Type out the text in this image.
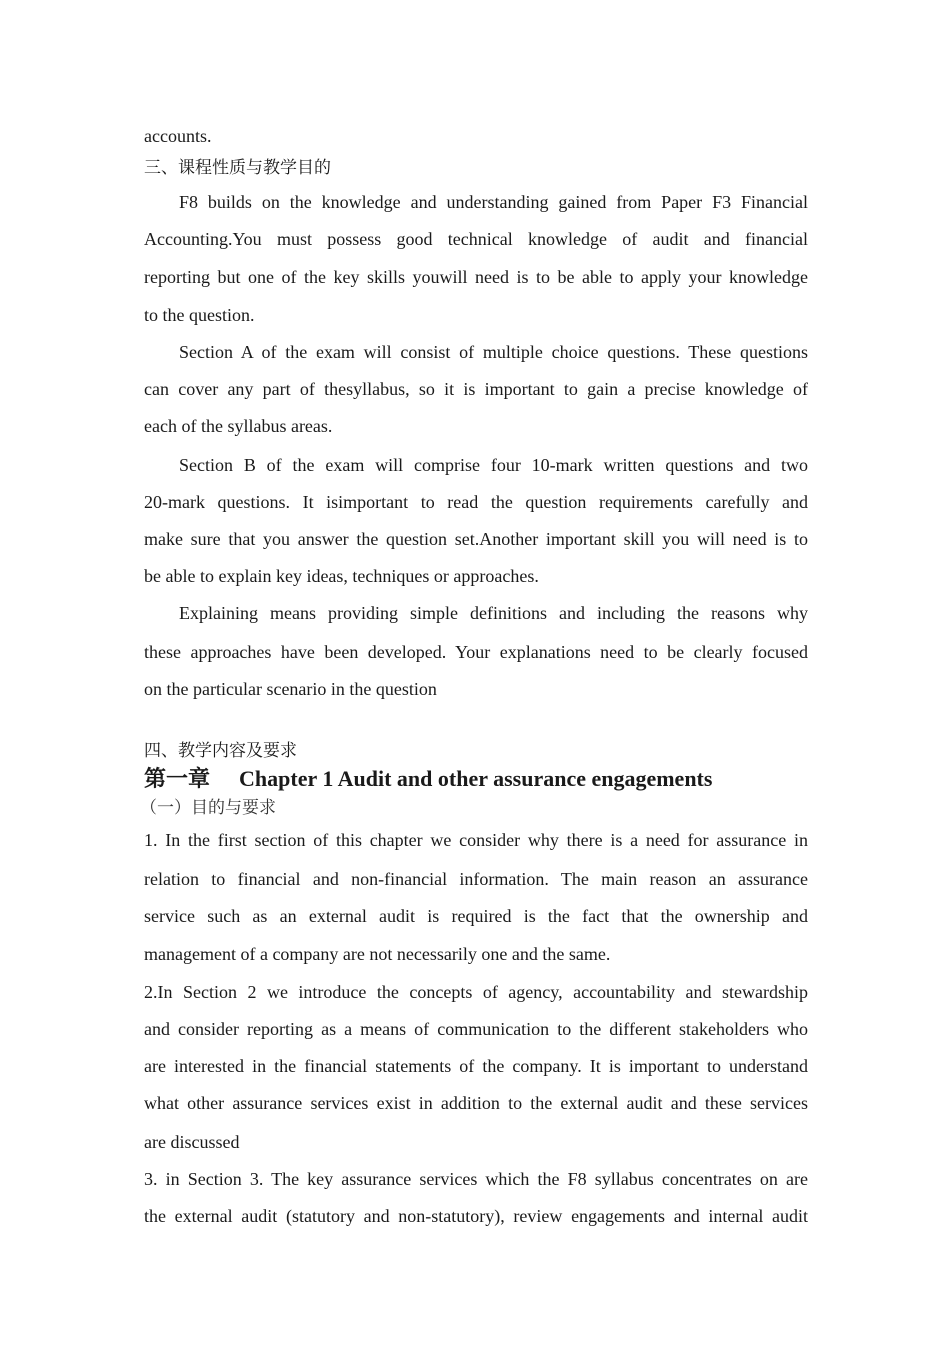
accounts.
三、课程性质与教学目的
F8 builds on the knowledge and understanding gained from Paper F3 Financial
Accounting.You must possess good technical knowledge of audit and financial
reporting but one of the key skills youwill need is to be able to apply your knowledge
to the question.
Section A of the exam will consist of multiple choice questions. These questions
can cover any part of thesyllabus, so it is important to gain a precise knowledge of
each of the syllabus areas.
Section B of the exam will comprise four 10-mark written questions and two
20-mark questions. It isimportant to read the question requirements carefully and
make sure that you answer the question set.Another important skill you will need is to
be able to explain key ideas, techniques or approaches.
Explaining means providing simple definitions and including the reasons why
these approaches have been developed. Your explanations need to be clearly focused
on the particular scenario in the question
四、教学内容及要求
第一章 Chapter 1 Audit and other assurance engagements
（一）目的与要求
1. In the first section of this chapter we consider why there is a need for assurance in
relation to financial and non-financial information. The main reason an assurance
service such as an external audit is required is the fact that the ownership and
management of a company are not necessarily one and the same.
2.In Section 2 we introduce the concepts of agency, accountability and stewardship
and consider reporting as a means of communication to the different stakeholders who
are interested in the financial statements of the company. It is important to understand
what other assurance services exist in addition to the external audit and these services
are discussed
3. in Section 3. The key assurance services which the F8 syllabus concentrates on are
the external audit (statutory and non-statutory), review engagements and internal audit
